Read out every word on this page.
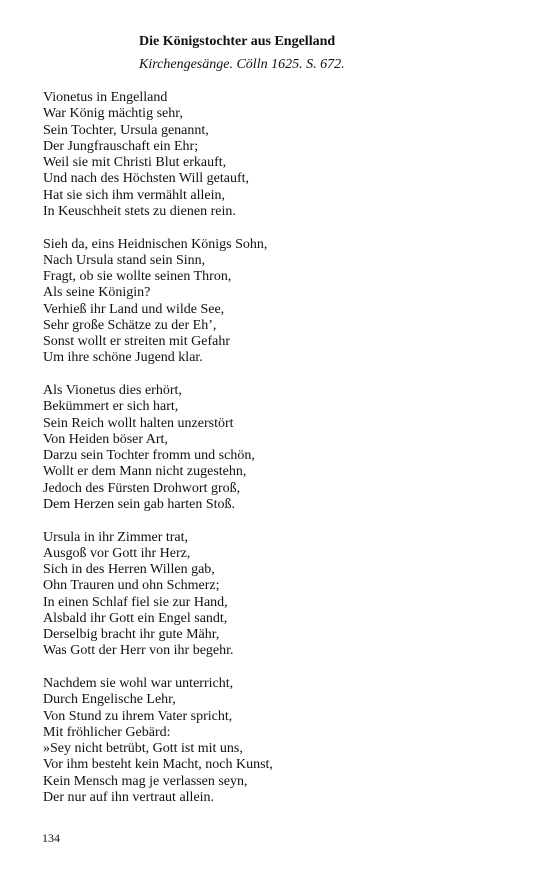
Die Königstochter aus Engelland
Kirchengesänge. Cölln 1625. S. 672.
Vionetus in Engelland
War König mächtig sehr,
Sein Tochter, Ursula genannt,
Der Jungfrauschaft ein Ehr;
Weil sie mit Christi Blut erkauft,
Und nach des Höchsten Will getauft,
Hat sie sich ihm vermählt allein,
In Keuschheit stets zu dienen rein.
Sieh da, eins Heidnischen Königs Sohn,
Nach Ursula stand sein Sinn,
Fragt, ob sie wollte seinen Thron,
Als seine Königin?
Verhieß ihr Land und wilde See,
Sehr große Schätze zu der Eh’,
Sonst wollt er streiten mit Gefahr
Um ihre schöne Jugend klar.
Als Vionetus dies erhört,
Bekümmert er sich hart,
Sein Reich wollt halten unzerstört
Von Heiden böser Art,
Darzu sein Tochter fromm und schön,
Wollt er dem Mann nicht zugestehn,
Jedoch des Fürsten Drohwort groß,
Dem Herzen sein gab harten Stoß.
Ursula in ihr Zimmer trat,
Ausgoß vor Gott ihr Herz,
Sich in des Herren Willen gab,
Ohn Trauren und ohn Schmerz;
In einen Schlaf fiel sie zur Hand,
Alsbald ihr Gott ein Engel sandt,
Derselbig bracht ihr gute Mähr,
Was Gott der Herr von ihr begehr.
Nachdem sie wohl war unterricht,
Durch Engelische Lehr,
Von Stund zu ihrem Vater spricht,
Mit fröhlicher Gebärd:
»Sey nicht betrübt, Gott ist mit uns,
Vor ihm besteht kein Macht, noch Kunst,
Kein Mensch mag je verlassen seyn,
Der nur auf ihn vertraut allein.
134
